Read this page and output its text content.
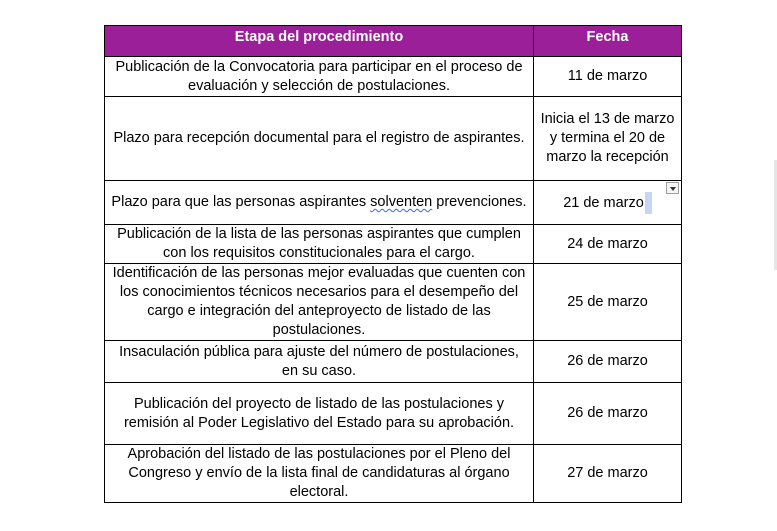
Etapa del procedimiento	Fecha
Publicación de la Convocatoria para participar en el proceso de evaluación y selección de postulaciones.	11 de marzo
Plazo para recepción documental para el registro de aspirantes.	Inicia el 13 de marzo y termina el 20 de marzo la recepción
Plazo para que las personas aspirantes solventen prevenciones.	21 de marzo

Publicación de la lista de las personas aspirantes que cumplen con los requisitos constitucionales para el cargo.	24 de marzo
Identificación de las personas mejor evaluadas que cuenten con los conocimientos técnicos necesarios para el desempeño del cargo e integración del anteproyecto de listado de las postulaciones.	25 de marzo
Insaculación pública para ajuste del número de postulaciones, en su caso.	26 de marzo
Publicación del proyecto de listado de las postulaciones y remisión al Poder Legislativo del Estado para su aprobación.	26 de marzo
Aprobación del listado de las postulaciones por el Pleno del Congreso y envío de la lista final de candidaturas al órgano electoral.	27 de marzo
